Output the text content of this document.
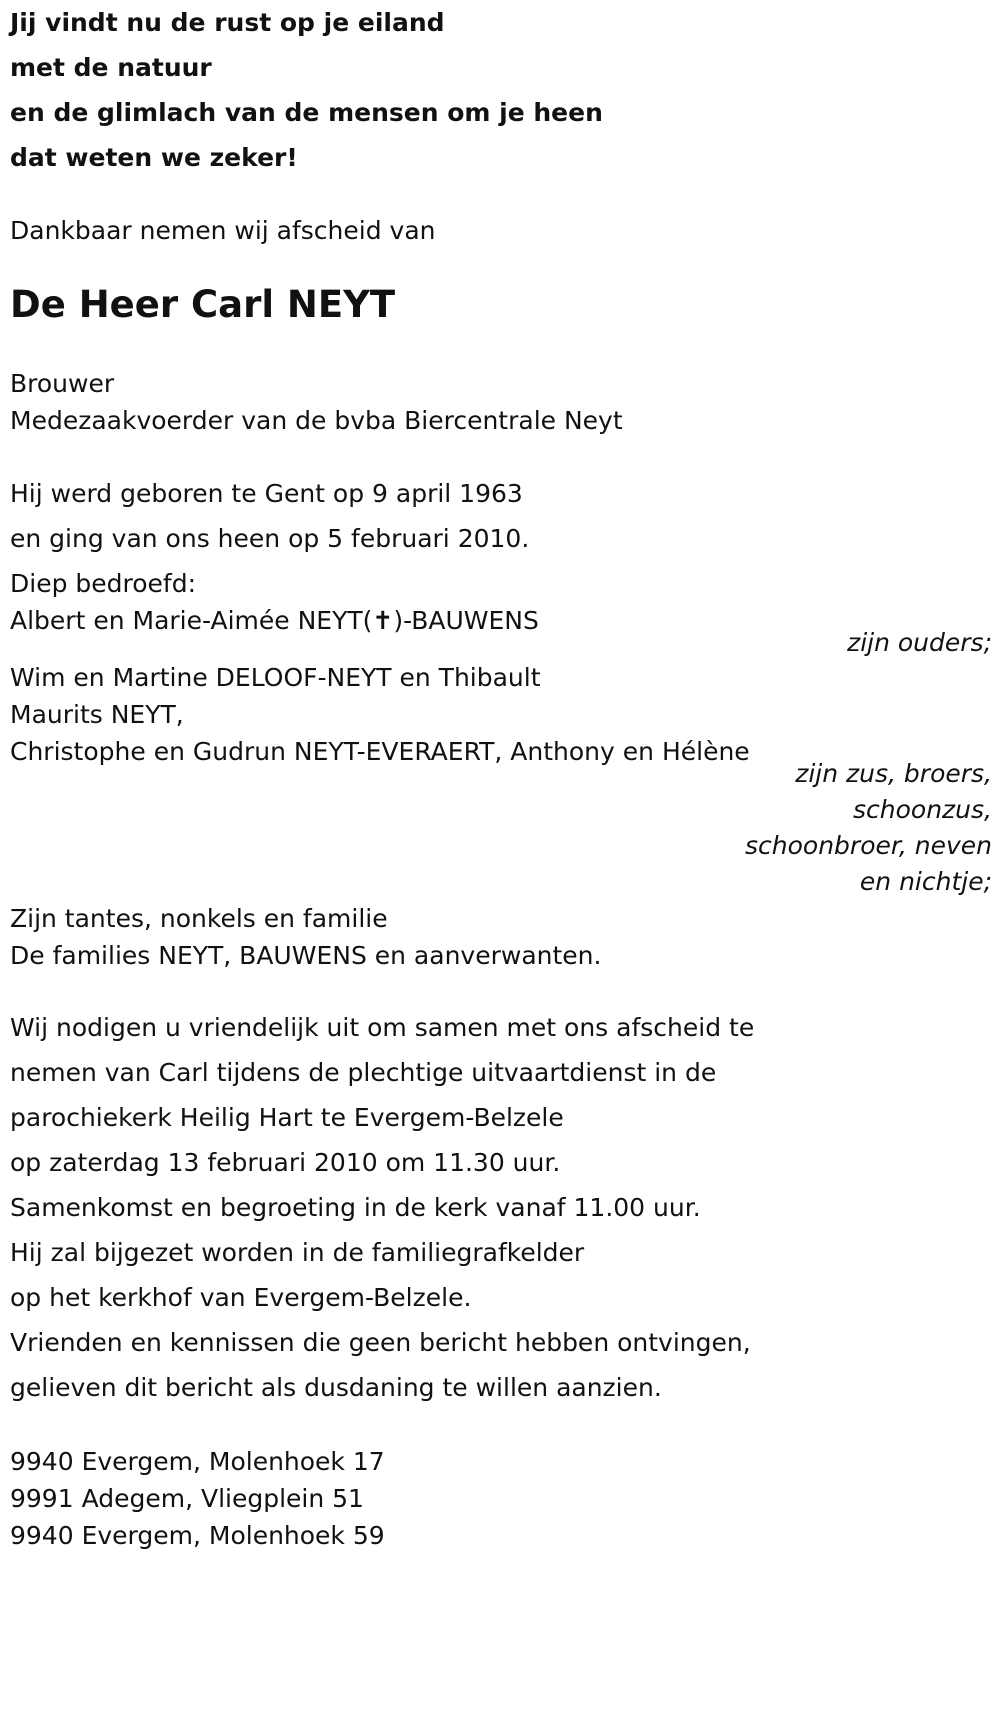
Jij vindt nu de rust op je eiland

met de natuur

en de glimlach van de mensen om je heen

dat weten we zeker!

Dankbaar nemen wij afscheid van

De Heer Carl NEYT

Brouwer

Medezaakvoerder van de bvba Biercentrale Neyt

Hij werd geboren te Gent op 9 april 1963

en ging van ons heen op 5 februari 2010.

Diep bedroefd:

Albert en Marie-Aimée NEYT(✝)-BAUWENS

zijn ouders;

Wim en Martine DELOOF-NEYT en Thibault

Maurits NEYT,

Christophe en Gudrun NEYT-EVERAERT, Anthony en Hélène

zijn zus, broers,

schoonzus,

schoonbroer, neven

en nichtje;

Zijn tantes, nonkels en familie

De families NEYT, BAUWENS en aanverwanten.

Wij nodigen u vriendelijk uit om samen met ons afscheid te

nemen van Carl tijdens de plechtige uitvaartdienst in de

parochiekerk Heilig Hart te Evergem-Belzele

op zaterdag 13 februari 2010 om 11.30 uur.

Samenkomst en begroeting in de kerk vanaf 11.00 uur.

Hij zal bijgezet worden in de familiegrafkelder

op het kerkhof van Evergem-Belzele.

Vrienden en kennissen die geen bericht hebben ontvingen,

gelieven dit bericht als dusdaning te willen aanzien.

9940 Evergem, Molenhoek 17

9991 Adegem, Vliegplein 51

9940 Evergem, Molenhoek 59
